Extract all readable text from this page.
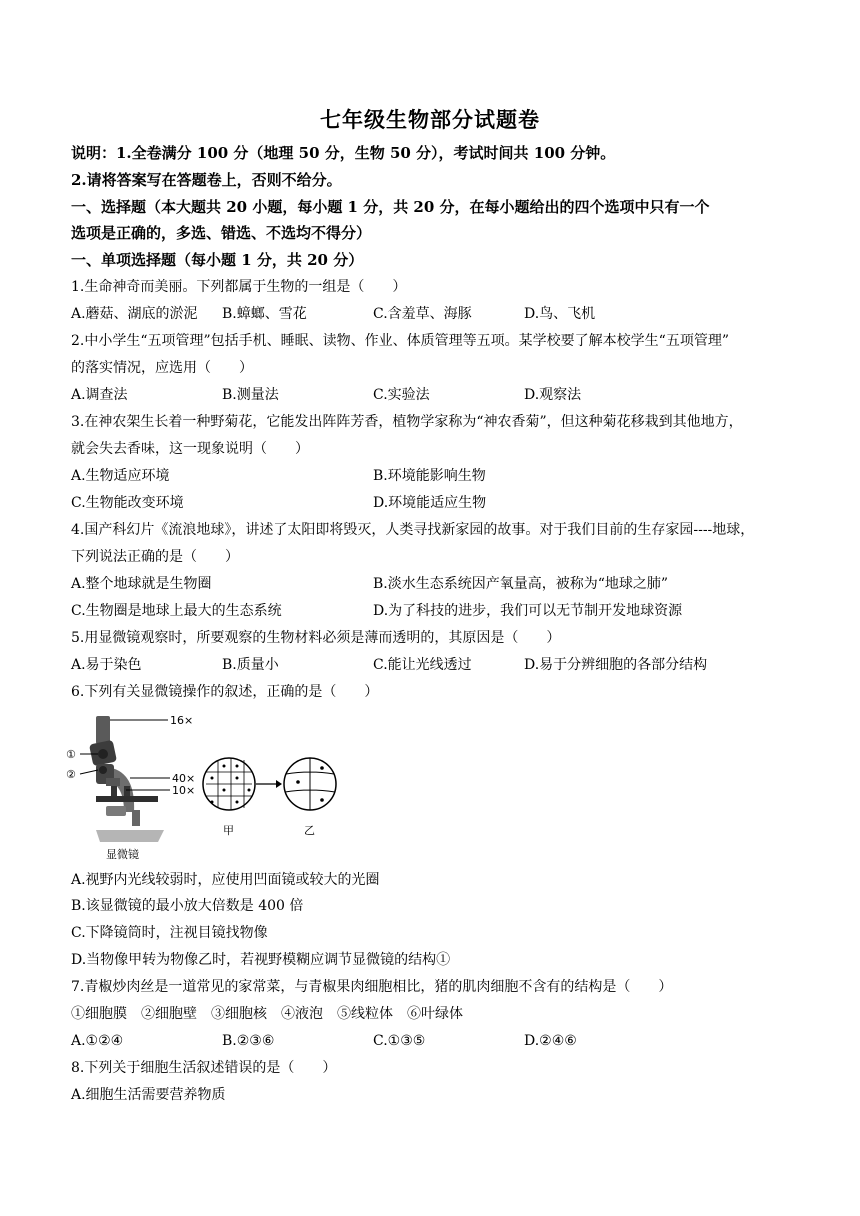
七年级生物部分试题卷
说明：1.全卷满分 100 分（地理 50 分，生物 50 分），考试时间共 100 分钟。
2.请将答案写在答题卷上，否则不给分。
一、选择题（本大题共 20 小题，每小题 1 分，共 20 分，在每小题给出的四个选项中只有一个
选项是正确的，多选、错选、不选均不得分）
一、单项选择题（每小题 1 分，共 20 分）
1.生命神奇而美丽。下列都属于生物的一组是（　　）
A.蘑菇、湖底的淤泥 B.蟑螂、雪花	C.含羞草、海豚	D.鸟、飞机
2.中小学生“五项管理”包括手机、睡眠、读物、作业、体质管理等五项。某学校要了解本校学生“五项管理”
的落实情况，应选用（　　）
A.调查法	B.测量法	C.实验法	D.观察法
3.在神农架生长着一种野菊花，它能发出阵阵芳香，植物学家称为“神农香菊”，但这种菊花移栽到其他地方，
就会失去香味，这一现象说明（　　）
A.生物适应环境	B.环境能影响生物
C.生物能改变环境	D.环境能适应生物
4.国产科幻片《流浪地球》，讲述了太阳即将毁灭，人类寻找新家园的故事。对于我们目前的生存家园----地球，
下列说法正确的是（　　）
A.整个地球就是生物圈	B.淡水生态系统因产氧量高，被称为“地球之肺”
C.生物圈是地球上最大的生态系统	D.为了科技的进步，我们可以无节制开发地球资源
5.用显微镜观察时，所要观察的生物材料必须是薄而透明的，其原因是（　　）
A.易于染色	B.质量小	C.能让光线透过	D.易于分辨细胞的各部分结构
6.下列有关显微镜操作的叙述，正确的是（　　）
16×
①
②	40×
10×
甲	乙
显微镜
A.视野内光线较弱时，应使用凹面镜或较大的光圈
B.该显微镜的最小放大倍数是 400 倍
C.下降镜筒时，注视目镜找物像
D.当物像甲转为物像乙时，若视野模糊应调节显微镜的结构①
7.青椒炒肉丝是一道常见的家常菜，与青椒果肉细胞相比，猪的肌肉细胞不含有的结构是（　　）
①细胞膜　②细胞壁　③细胞核　④液泡　⑤线粒体　⑥叶绿体
A.①②④	B.②③⑥	C.①③⑤	D.②④⑥
8.下列关于细胞生活叙述错误的是（　　）
A.细胞生活需要营养物质
